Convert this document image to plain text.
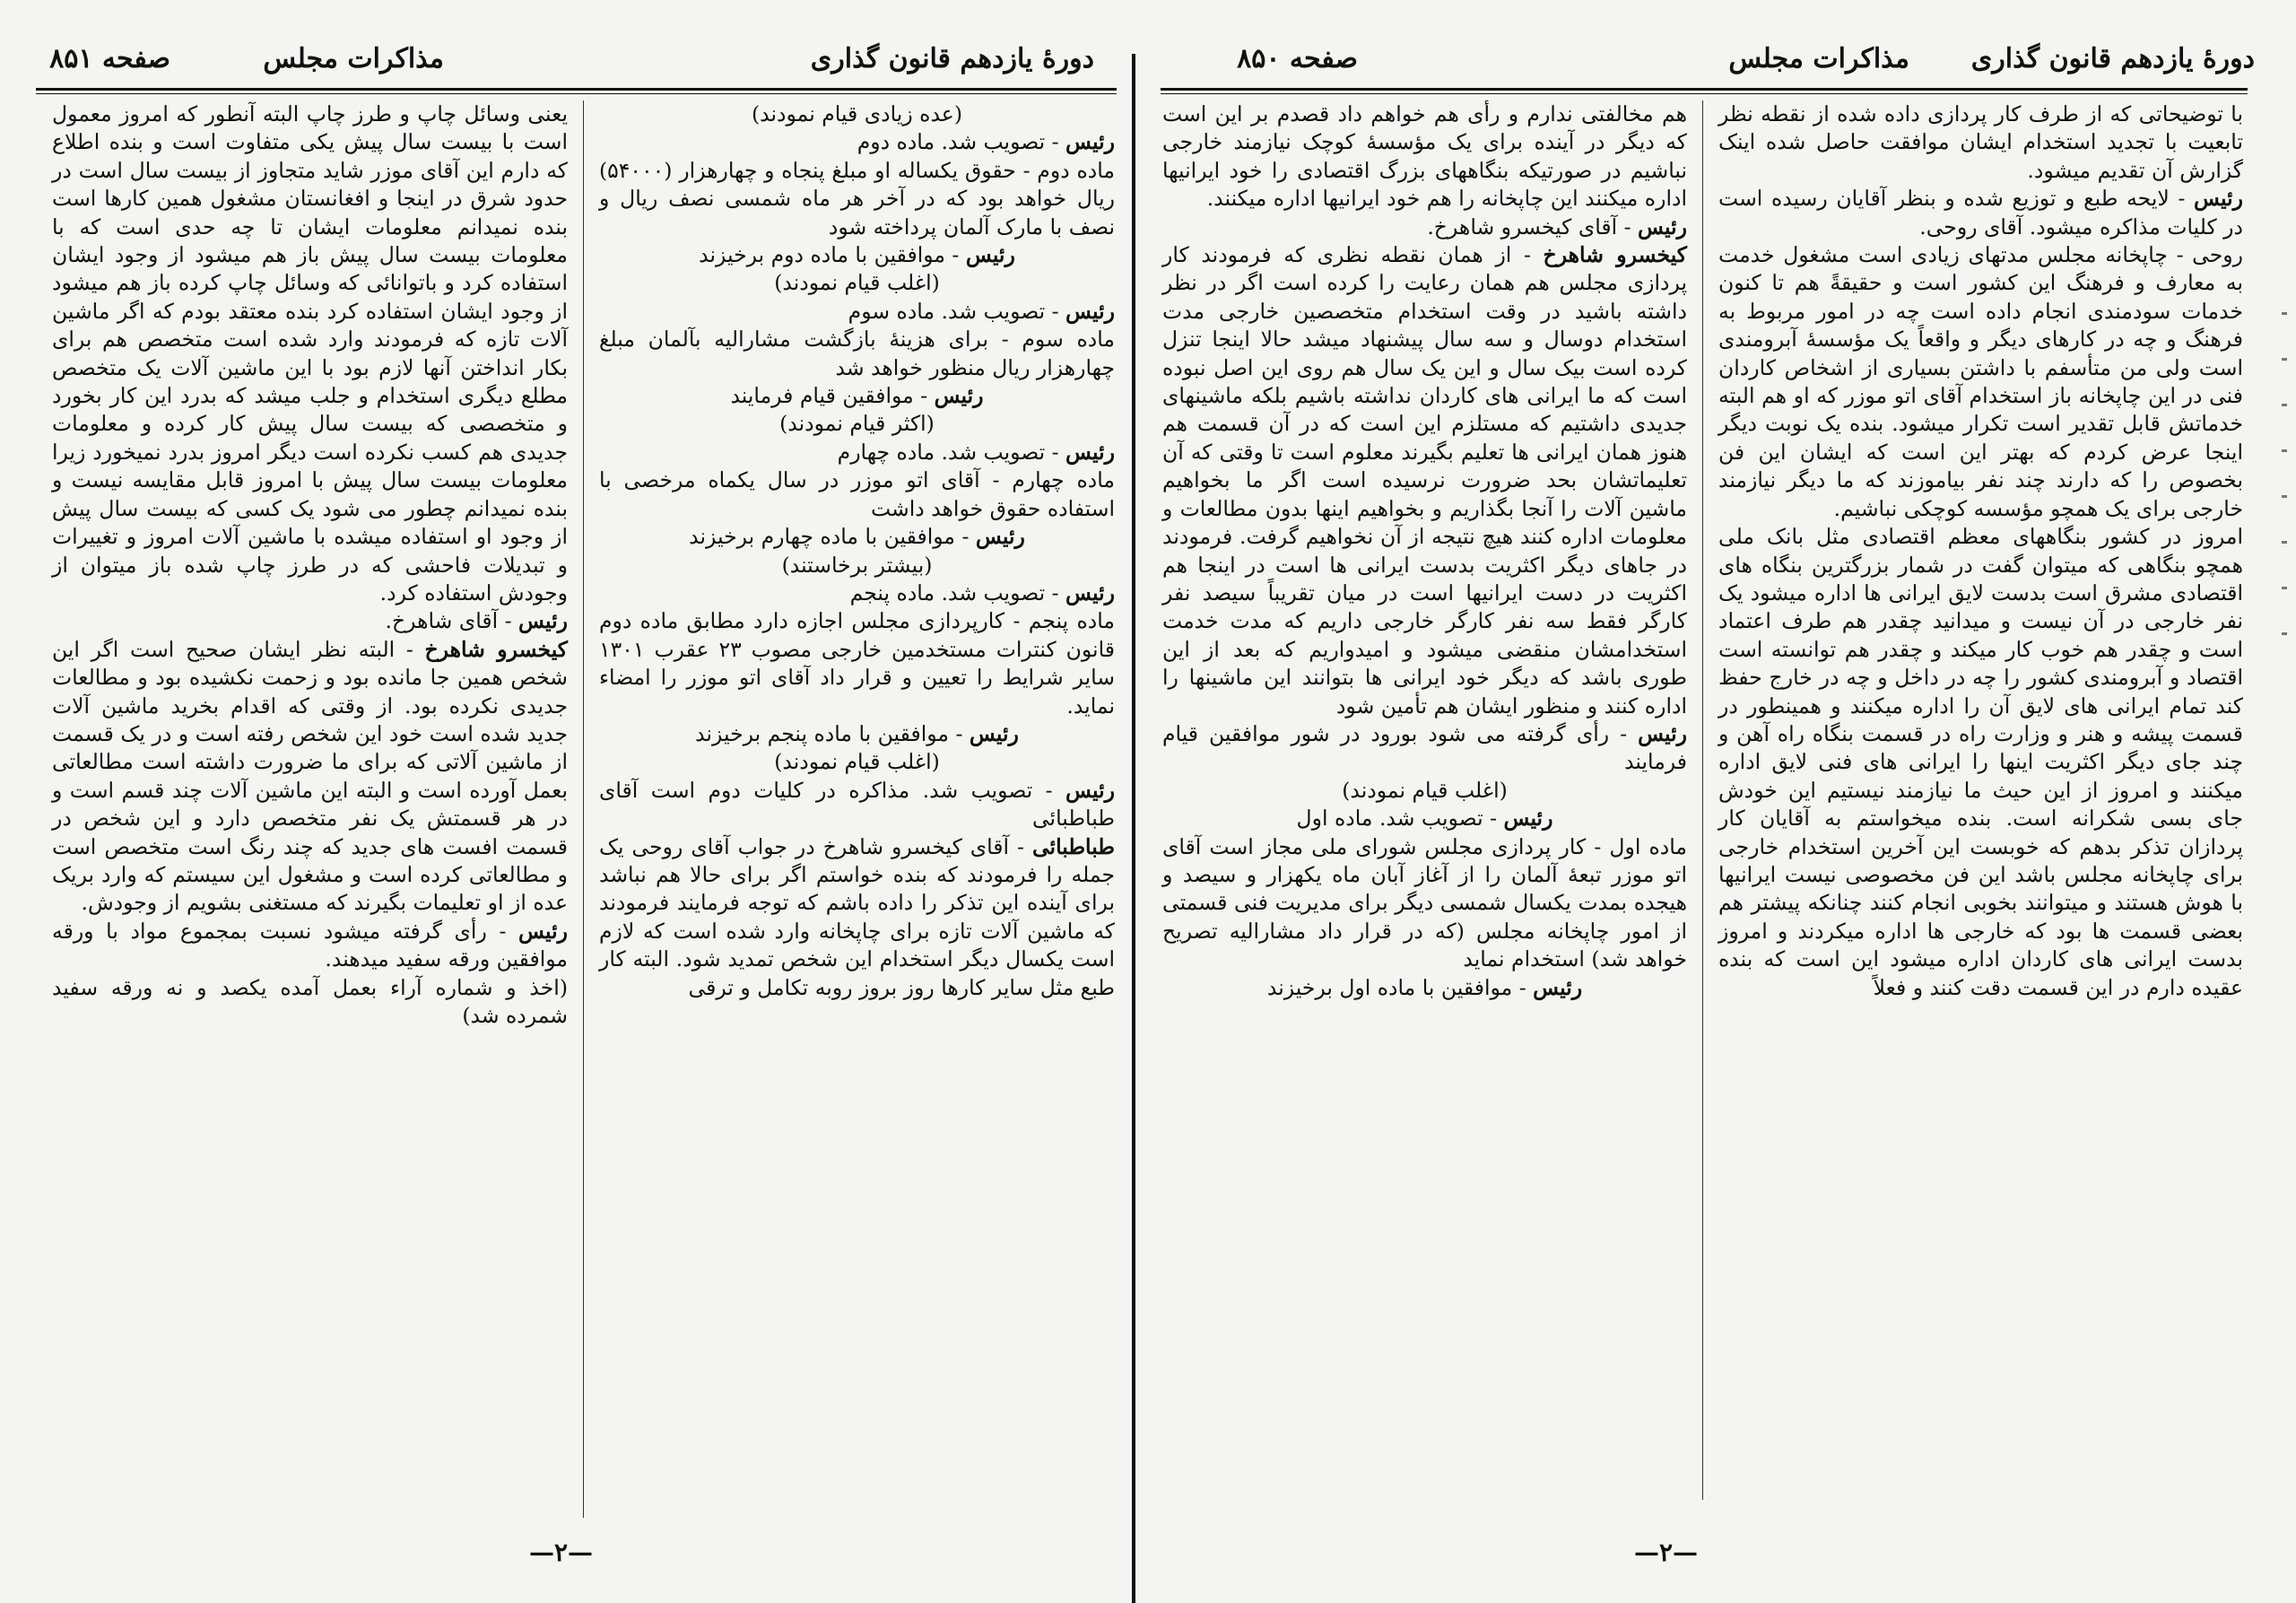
صفحه ۸۵۱	مذاکرات مجلس	دورهٔ یازدهم قانون گذاری

یعنی وسائل چاپ و طرز چاپ البته آنطور که امروز معمول است با بیست سال پیش یکی متفاوت است و بنده اطلاع که دارم این آقای موزر شاید متجاوز از بیست سال است در حدود شرق در اینجا و افغانستان مشغول همین کارها است بنده نمیدانم معلومات ایشان تا چه حدی است که با معلومات بیست سال پیش باز هم میشود از وجود ایشان استفاده کرد و باتوانائی که وسائل چاپ کرده باز هم میشود از وجود ایشان استفاده کرد بنده معتقد بودم که اگر ماشین آلات تازه که فرمودند وارد شده است متخصص هم برای بکار انداختن آنها لازم بود با این ماشین آلات یک متخصص مطلع دیگری استخدام و جلب میشد که بدرد این کار بخورد و متخصصی که بیست سال پیش کار کرده و معلومات جدیدی هم کسب نکرده است دیگر امروز بدرد نمیخورد زیرا معلومات بیست سال پیش با امروز قابل مقایسه نیست و بنده نمیدانم چطور می شود یک کسی که بیست سال پیش از وجود او استفاده میشده با ماشین آلات امروز و تغییرات و تبدیلات فاحشی که در طرز چاپ شده باز میتوان از وجودش استفاده کرد.

رئیس - آقای شاهرخ.

کیخسرو شاهرخ - البته نظر ایشان صحیح است اگر این شخص همین جا مانده بود و زحمت نکشیده بود و مطالعات جدیدی نکرده بود. از وقتی که اقدام بخرید ماشین آلات جدید شده است خود این شخص رفته است و در یک قسمت از ماشین آلاتی که برای ما ضرورت داشته است مطالعاتی بعمل آورده است و البته این ماشین آلات چند قسم است و در هر قسمتش یک نفر متخصص دارد و این شخص در قسمت افست های جدید که چند رنگ است متخصص است و مطالعاتی کرده است و مشغول این سیستم که وارد بریک عده از او تعلیمات بگیرند که مستغنی بشویم از وجودش.

رئیس - رأی گرفته میشود نسبت بمجموع مواد با ورقه موافقین ورقه سفید میدهند.

(اخذ و شماره آراء بعمل آمده یکصد و نه ورقه سفید شمرده شد)

(عده زیادی قیام نمودند)

رئیس - تصویب شد. ماده دوم

ماده دوم - حقوق یکساله او مبلغ پنجاه و چهارهزار (۵۴۰۰۰) ریال خواهد بود که در آخر هر ماه شمسی نصف ریال و نصف با مارک آلمان پرداخته شود

رئیس - موافقین با ماده دوم برخیزند

(اغلب قیام نمودند)

رئیس - تصویب شد. ماده سوم

ماده سوم - برای هزینهٔ بازگشت مشارالیه بآلمان مبلغ چهارهزار ریال منظور خواهد شد

رئیس - موافقین قیام فرمایند

(اکثر قیام نمودند)

رئیس - تصویب شد. ماده چهارم

ماده چهارم - آقای اتو موزر در سال یکماه مرخصی با استفاده حقوق خواهد داشت

رئیس - موافقین با ماده چهارم برخیزند

(بیشتر برخاستند)

رئیس - تصویب شد. ماده پنجم

ماده پنجم - کارپردازی مجلس اجازه دارد مطابق ماده دوم قانون کنترات مستخدمین خارجی مصوب ۲۳ عقرب ۱۳۰۱ سایر شرایط را تعیین و قرار داد آقای اتو موزر را امضاء نماید.

رئیس - موافقین با ماده پنجم برخیزند

(اغلب قیام نمودند)

رئیس - تصویب شد. مذاکره در کلیات دوم است آقای طباطبائی

طباطبائی - آقای کیخسرو شاهرخ در جواب آقای روحی یک جمله را فرمودند که بنده خواستم اگر برای حالا هم نباشد برای آینده این تذکر را داده باشم که توجه فرمایند فرمودند که ماشین آلات تازه برای چاپخانه وارد شده است که لازم است یکسال دیگر استخدام این شخص تمدید شود. البته کار طبع مثل سایر کارها روز بروز روبه تکامل و ترقی

—۲—
دورهٔ یازدهم قانون گذاری
مذاکرات مجلس
صفحه ۸۵۰

هم مخالفتی ندارم و رأی هم خواهم داد قصدم بر این است که دیگر در آینده برای یک مؤسسهٔ کوچک نیازمند خارجی نباشیم در صورتیکه بنگاههای بزرگ اقتصادی را خود ایرانیها اداره میکنند این چاپخانه را هم خود ایرانیها اداره میکنند.

رئیس - آقای کیخسرو شاهرخ.

کیخسرو شاهرخ - از همان نقطه نظری که فرمودند کار پردازی مجلس هم همان رعایت را کرده است اگر در نظر داشته باشید در وقت استخدام متخصصین خارجی مدت استخدام دوسال و سه سال پیشنهاد میشد حالا اینجا تنزل کرده است بیک سال و این یک سال هم روی این اصل نبوده است که ما ایرانی های کاردان نداشته باشیم بلکه ماشینهای جدیدی داشتیم که مستلزم این است که در آن قسمت هم هنوز همان ایرانی ها تعلیم بگیرند معلوم است تا وقتی که آن تعلیماتشان بحد ضرورت نرسیده است اگر ما بخواهیم ماشین آلات را آنجا بگذاریم و بخواهیم اینها بدون مطالعات و معلومات اداره کنند هیچ نتیجه از آن نخواهیم گرفت. فرمودند در جاهای دیگر اکثریت بدست ایرانی ها است در اینجا هم اکثریت در دست ایرانیها است در میان تقریباً سیصد نفر کارگر فقط سه نفر کارگر خارجی داریم که مدت خدمت استخدامشان منقضی میشود و امیدواریم که بعد از این طوری باشد که دیگر خود ایرانی ها بتوانند این ماشینها را اداره کنند و منظور ایشان هم تأمین شود

رئیس - رأی گرفته می شود بورود در شور موافقین قیام فرمایند

(اغلب قیام نمودند)

رئیس - تصویب شد. ماده اول

ماده اول - کار پردازی مجلس شورای ملی مجاز است آقای اتو موزر تبعهٔ آلمان را از آغاز آبان ماه یکهزار و سیصد و هیجده بمدت یکسال شمسی دیگر برای مدیریت فنی قسمتی از امور چاپخانه مجلس (که در قرار داد مشارالیه تصریح خواهد شد) استخدام نماید

رئیس - موافقین با ماده اول برخیزند

با توضیحاتی که از طرف کار پردازی داده شده از نقطه نظر تابعیت با تجدید استخدام ایشان موافقت حاصل شده اینک گزارش آن تقدیم میشود.

رئیس - لایحه طبع و توزیع شده و بنظر آقایان رسیده است در کلیات مذاکره میشود. آقای روحی.

روحی - چاپخانه مجلس مدتهای زیادی است مشغول خدمت به معارف و فرهنگ این کشور است و حقیقةً هم تا کنون خدمات سودمندی انجام داده است چه در امور مربوط به فرهنگ و چه در کارهای دیگر و واقعاً یک مؤسسهٔ آبرومندی است ولی من متأسفم با داشتن بسیاری از اشخاص کاردان فنی در این چاپخانه باز استخدام آقای اتو موزر که او هم البته خدماتش قابل تقدیر است تکرار میشود. بنده یک نوبت دیگر اینجا عرض کردم که بهتر این است که ایشان این فن بخصوص را که دارند چند نفر بیاموزند که ما دیگر نیازمند خارجی برای یک همچو مؤسسه کوچکی نباشیم.

امروز در کشور بنگاههای معظم اقتصادی مثل بانک ملی همچو بنگاهی که میتوان گفت در شمار بزرگترین بنگاه های اقتصادی مشرق است بدست لایق ایرانی ها اداره میشود یک نفر خارجی در آن نیست و میدانید چقدر هم طرف اعتماد است و چقدر هم خوب کار میکند و چقدر هم توانسته است اقتصاد و آبرومندی کشور را چه در داخل و چه در خارج حفظ کند تمام ایرانی های لایق آن را اداره میکنند و همینطور در قسمت پیشه و هنر و وزارت راه در قسمت بنگاه راه آهن و چند جای دیگر اکثریت اینها را ایرانی های فنی لایق اداره میکنند و امروز از این حیث ما نیازمند نیستیم این خودش جای بسی شکرانه است. بنده میخواستم به آقایان کار پردازان تذکر بدهم که خوبست این آخرین استخدام خارجی برای چاپخانه مجلس باشد این فن مخصوصی نیست ایرانیها با هوش هستند و میتوانند بخوبی انجام کنند چنانکه پیشتر هم بعضی قسمت ها بود که خارجی ها اداره میکردند و امروز بدست ایرانی های کاردان اداره میشود این است که بنده عقیده دارم در این قسمت دقت کنند و فعلاً

—۲—
